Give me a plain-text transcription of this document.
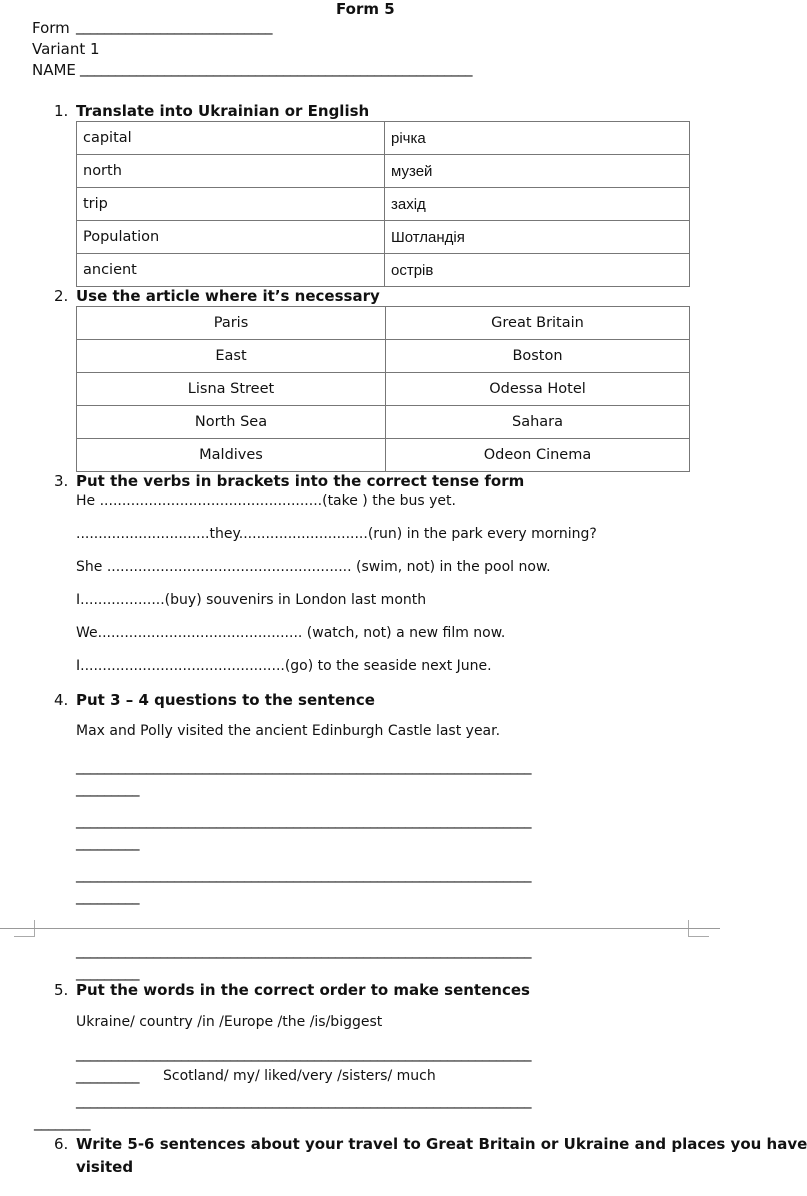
Form 5
Form ____________________________
Variant 1
NAME ________________________________________________________
1. Translate into Ukrainian or English
capital	річка
north	музей
trip	захід
Population	Шотландія
ancient	острів
2. Use the article where it’s necessary
Paris	Great Britain
East	Boston
Lisna Street	Odessa Hotel
North Sea	Sahara
Maldives	Odeon Cinema
3. Put the verbs in brackets into the correct tense form
He ..................................................(take ) the bus yet.
..............................they.............................(run) in the park every morning?
She ....................................................... (swim, not) in the pool now.
I...................(buy) souvenirs in London last month
We.............................................. (watch, not) a new film now.
I..............................................(go) to the seaside next June.
4. Put 3 – 4 questions to the sentence
Max and Polly visited the ancient Edinburgh Castle last year.
_________________________________________________________________
_________
_________________________________________________________________
_________
_________________________________________________________________
_________
_________________________________________________________________
_________
5. Put the words in the correct order to make sentences
Ukraine/ country /in /Europe /the /is/biggest
_________________________________________________________________
_________	Scotland/ my/ liked/very /sisters/ much
_________________________________________________________________
________
6. Write 5-6 sentences about your travel to Great Britain or Ukraine and places you have
visited
